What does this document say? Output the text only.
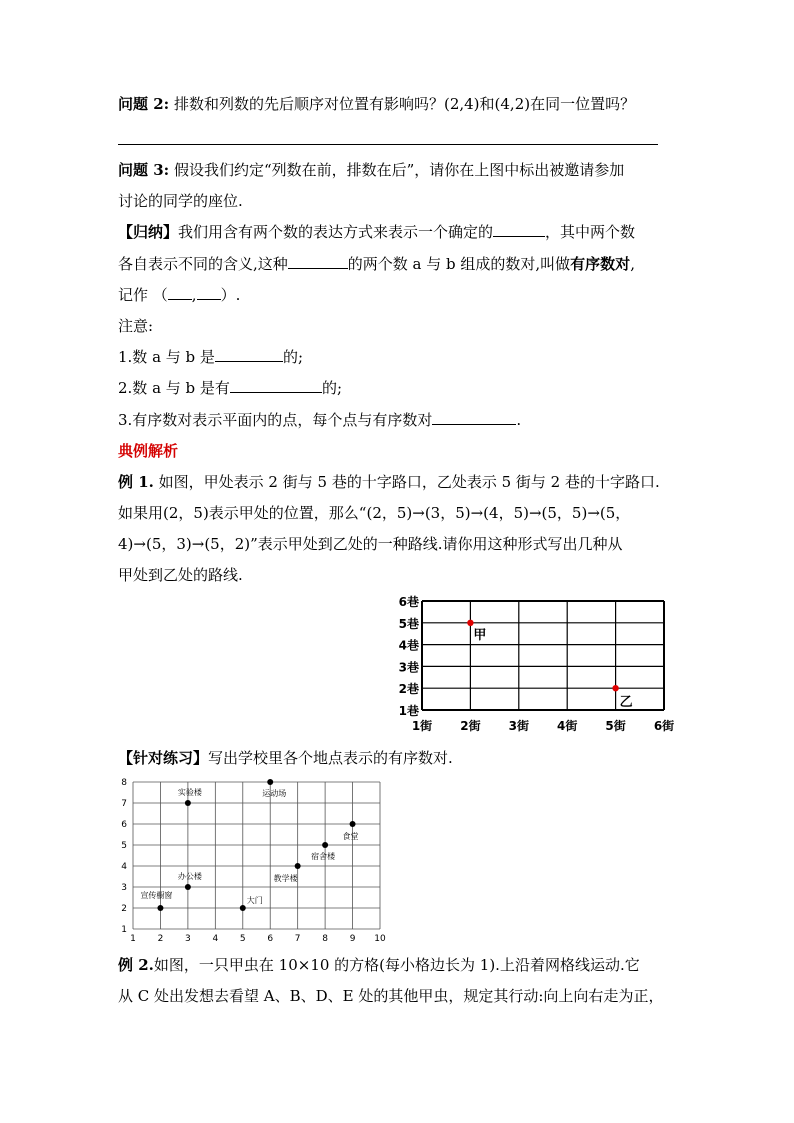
问题 2: 排数和列数的先后顺序对位置有影响吗？(2,4)和(4,2)在同一位置吗？
问题 3: 假设我们约定“列数在前，排数在后”，请你在上图中标出被邀请参加
讨论的同学的座位.
【归纳】我们用含有两个数的表达方式来表示一个确定的	，其中两个数
各自表示不同的含义,这种	的两个数 a 与 b 组成的数对,叫做有序数对,
记作 （ , ）.
注意:
1.数 a 与 b 是	的;
2.数 a 与 b 是有	的;
3.有序数对表示平面内的点，每个点与有序数对	.
典例解析
例 1. 如图，甲处表示 2 街与 5 巷的十字路口，乙处表示 5 街与 2 巷的十字路口.
如果用(2，5)表示甲处的位置，那么“(2，5)→(3，5)→(4，5)→(5，5)→(5，
4)→(5，3)→(5，2)”表示甲处到乙处的一种路线.请你用这种形式写出几种从
甲处到乙处的路线.
1街 2街 3街 4街 5街 6街
1巷
2巷
3巷
4巷
5巷
6巷
甲
乙
【针对练习】写出学校里各个地点表示的有序数对.
1 2 3 4 5 6 7 8 9 10
1
2
3
4
5
6
7
8
实验楼	运动场
食堂
宿舍楼
教学楼
办公楼
宣传橱窗
大门
例 2.如图，一只甲虫在 10×10 的方格(每小格边长为 1).上沿着网格线运动.它
从 C 处出发想去看望 A、B、D、E 处的其他甲虫，规定其行动:向上向右走为正，
